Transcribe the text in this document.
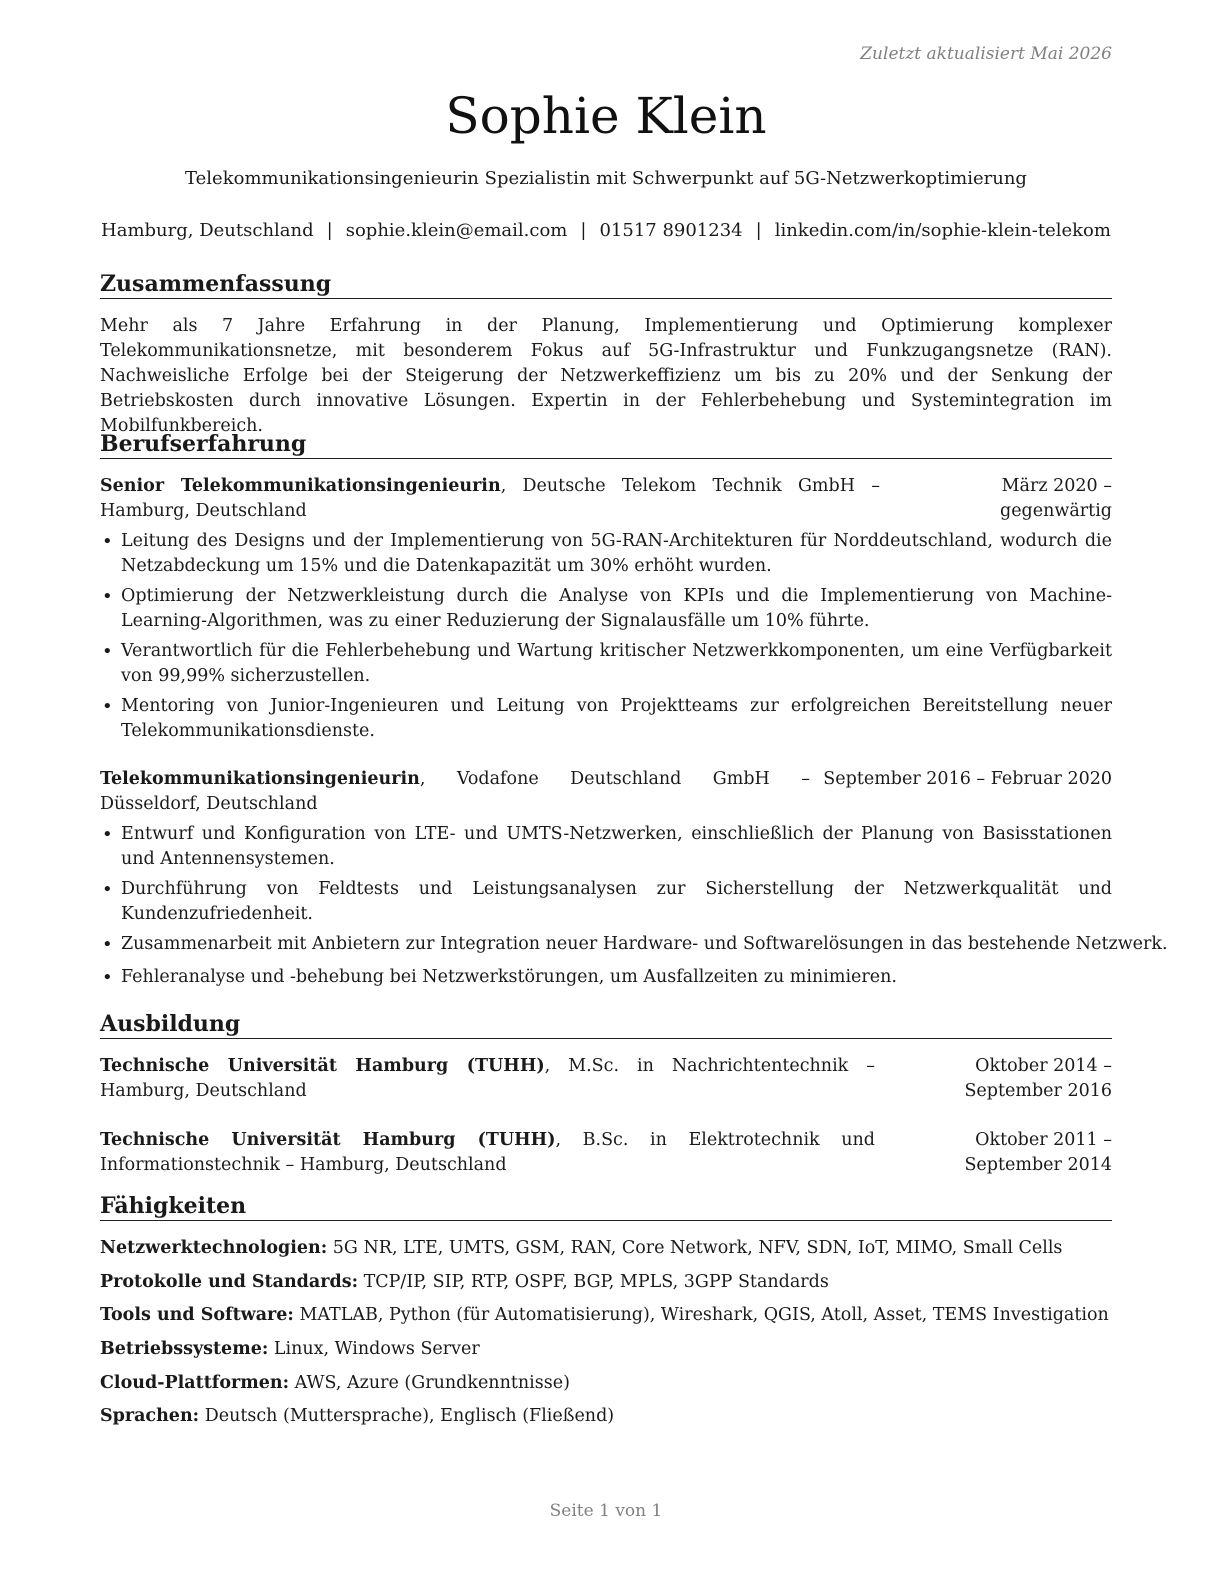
Zuletzt aktualisiert Mai 2026
Sophie Klein
Telekommunikationsingenieurin Spezialistin mit Schwerpunkt auf 5G-Netzwerkoptimierung
Hamburg, Deutschland | sophie.klein@email.com | 01517 8901234 | linkedin.com/in/sophie-klein-telekom
Zusammenfassung
Mehr als 7 Jahre Erfahrung in der Planung, Implementierung und Optimierung komplexer Telekommunikationsnetze, mit besonderem Fokus auf 5G-Infrastruktur und Funkzugangsnetze (RAN). Nachweisliche Erfolge bei der Steigerung der Netzwerkeffizienz um bis zu 20% und der Senkung der Betriebskosten durch innovative Lösungen. Expertin in der Fehlerbehebung und Systemintegration im Mobilfunkbereich.
Berufserfahrung
Senior Telekommunikationsingenieurin, Deutsche Telekom Technik GmbH – Hamburg, Deutschland
März 2020 – gegenwärtig
• Leitung des Designs und der Implementierung von 5G-RAN-Architekturen für Norddeutschland, wodurch die Netzabdeckung um 15% und die Datenkapazität um 30% erhöht wurden.
• Optimierung der Netzwerkleistung durch die Analyse von KPIs und die Implementierung von Machine-Learning-Algorithmen, was zu einer Reduzierung der Signalausfälle um 10% führte.
• Verantwortlich für die Fehlerbehebung und Wartung kritischer Netzwerkkomponenten, um eine Verfügbarkeit von 99,99% sicherzustellen.
• Mentoring von Junior-Ingenieuren und Leitung von Projektteams zur erfolgreichen Bereitstellung neuer Telekommunikationsdienste.
Telekommunikationsingenieurin, Vodafone Deutschland GmbH – Düsseldorf, Deutschland
September 2016 – Februar 2020
• Entwurf und Konfiguration von LTE- und UMTS-Netzwerken, einschließlich der Planung von Basisstationen und Antennensystemen.
• Durchführung von Feldtests und Leistungsanalysen zur Sicherstellung der Netzwerkqualität und Kundenzufriedenheit.
• Zusammenarbeit mit Anbietern zur Integration neuer Hardware- und Softwarelösungen in das bestehende Netzwerk.
• Fehleranalyse und -behebung bei Netzwerkstörungen, um Ausfallzeiten zu minimieren.
Ausbildung
Technische Universität Hamburg (TUHH), M.Sc. in Nachrichtentechnik – Hamburg, Deutschland
Oktober 2014 – September 2016
Technische Universität Hamburg (TUHH), B.Sc. in Elektrotechnik und Informationstechnik – Hamburg, Deutschland
Oktober 2011 – September 2014
Fähigkeiten
Netzwerktechnologien: 5G NR, LTE, UMTS, GSM, RAN, Core Network, NFV, SDN, IoT, MIMO, Small Cells
Protokolle und Standards: TCP/IP, SIP, RTP, OSPF, BGP, MPLS, 3GPP Standards
Tools und Software: MATLAB, Python (für Automatisierung), Wireshark, QGIS, Atoll, Asset, TEMS Investigation
Betriebssysteme: Linux, Windows Server
Cloud-Plattformen: AWS, Azure (Grundkenntnisse)
Sprachen: Deutsch (Muttersprache), Englisch (Fließend)
Seite 1 von 1
